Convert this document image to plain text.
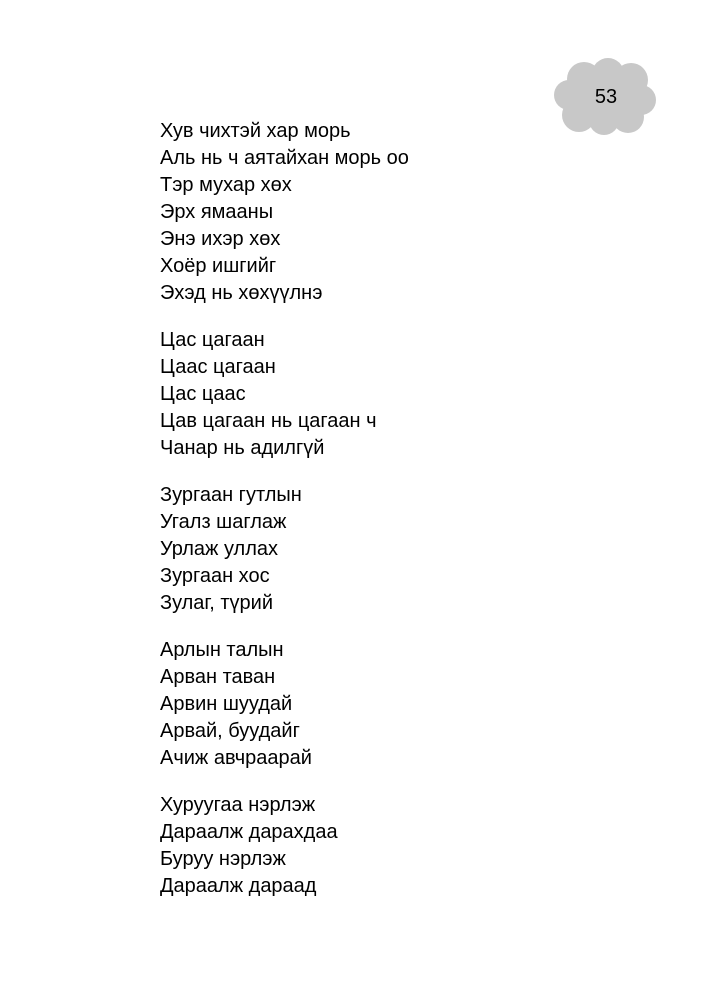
53
Хув чихтэй хар морь
Аль нь ч аятайхан морь оо
Тэр мухар хөх
Эрх ямааны
Энэ ихэр хөх
Хоёр ишгийг
Эхэд нь хөхүүлнэ
Цас цагаан
Цаас цагаан
Цас цаас
Цав цагаан нь цагаан ч
Чанар нь адилгүй
Зургаан гутлын
Угалз шаглаж
Урлаж уллах
Зургаан хос
Зулаг, түрий
Арлын талын
Арван таван
Арвин шуудай
Арвай, буудайг
Ачиж авчраарай
Хуруугаа нэрлэж
Дараалж дарахдаа
Буруу нэрлэж
Дараалж дараад
